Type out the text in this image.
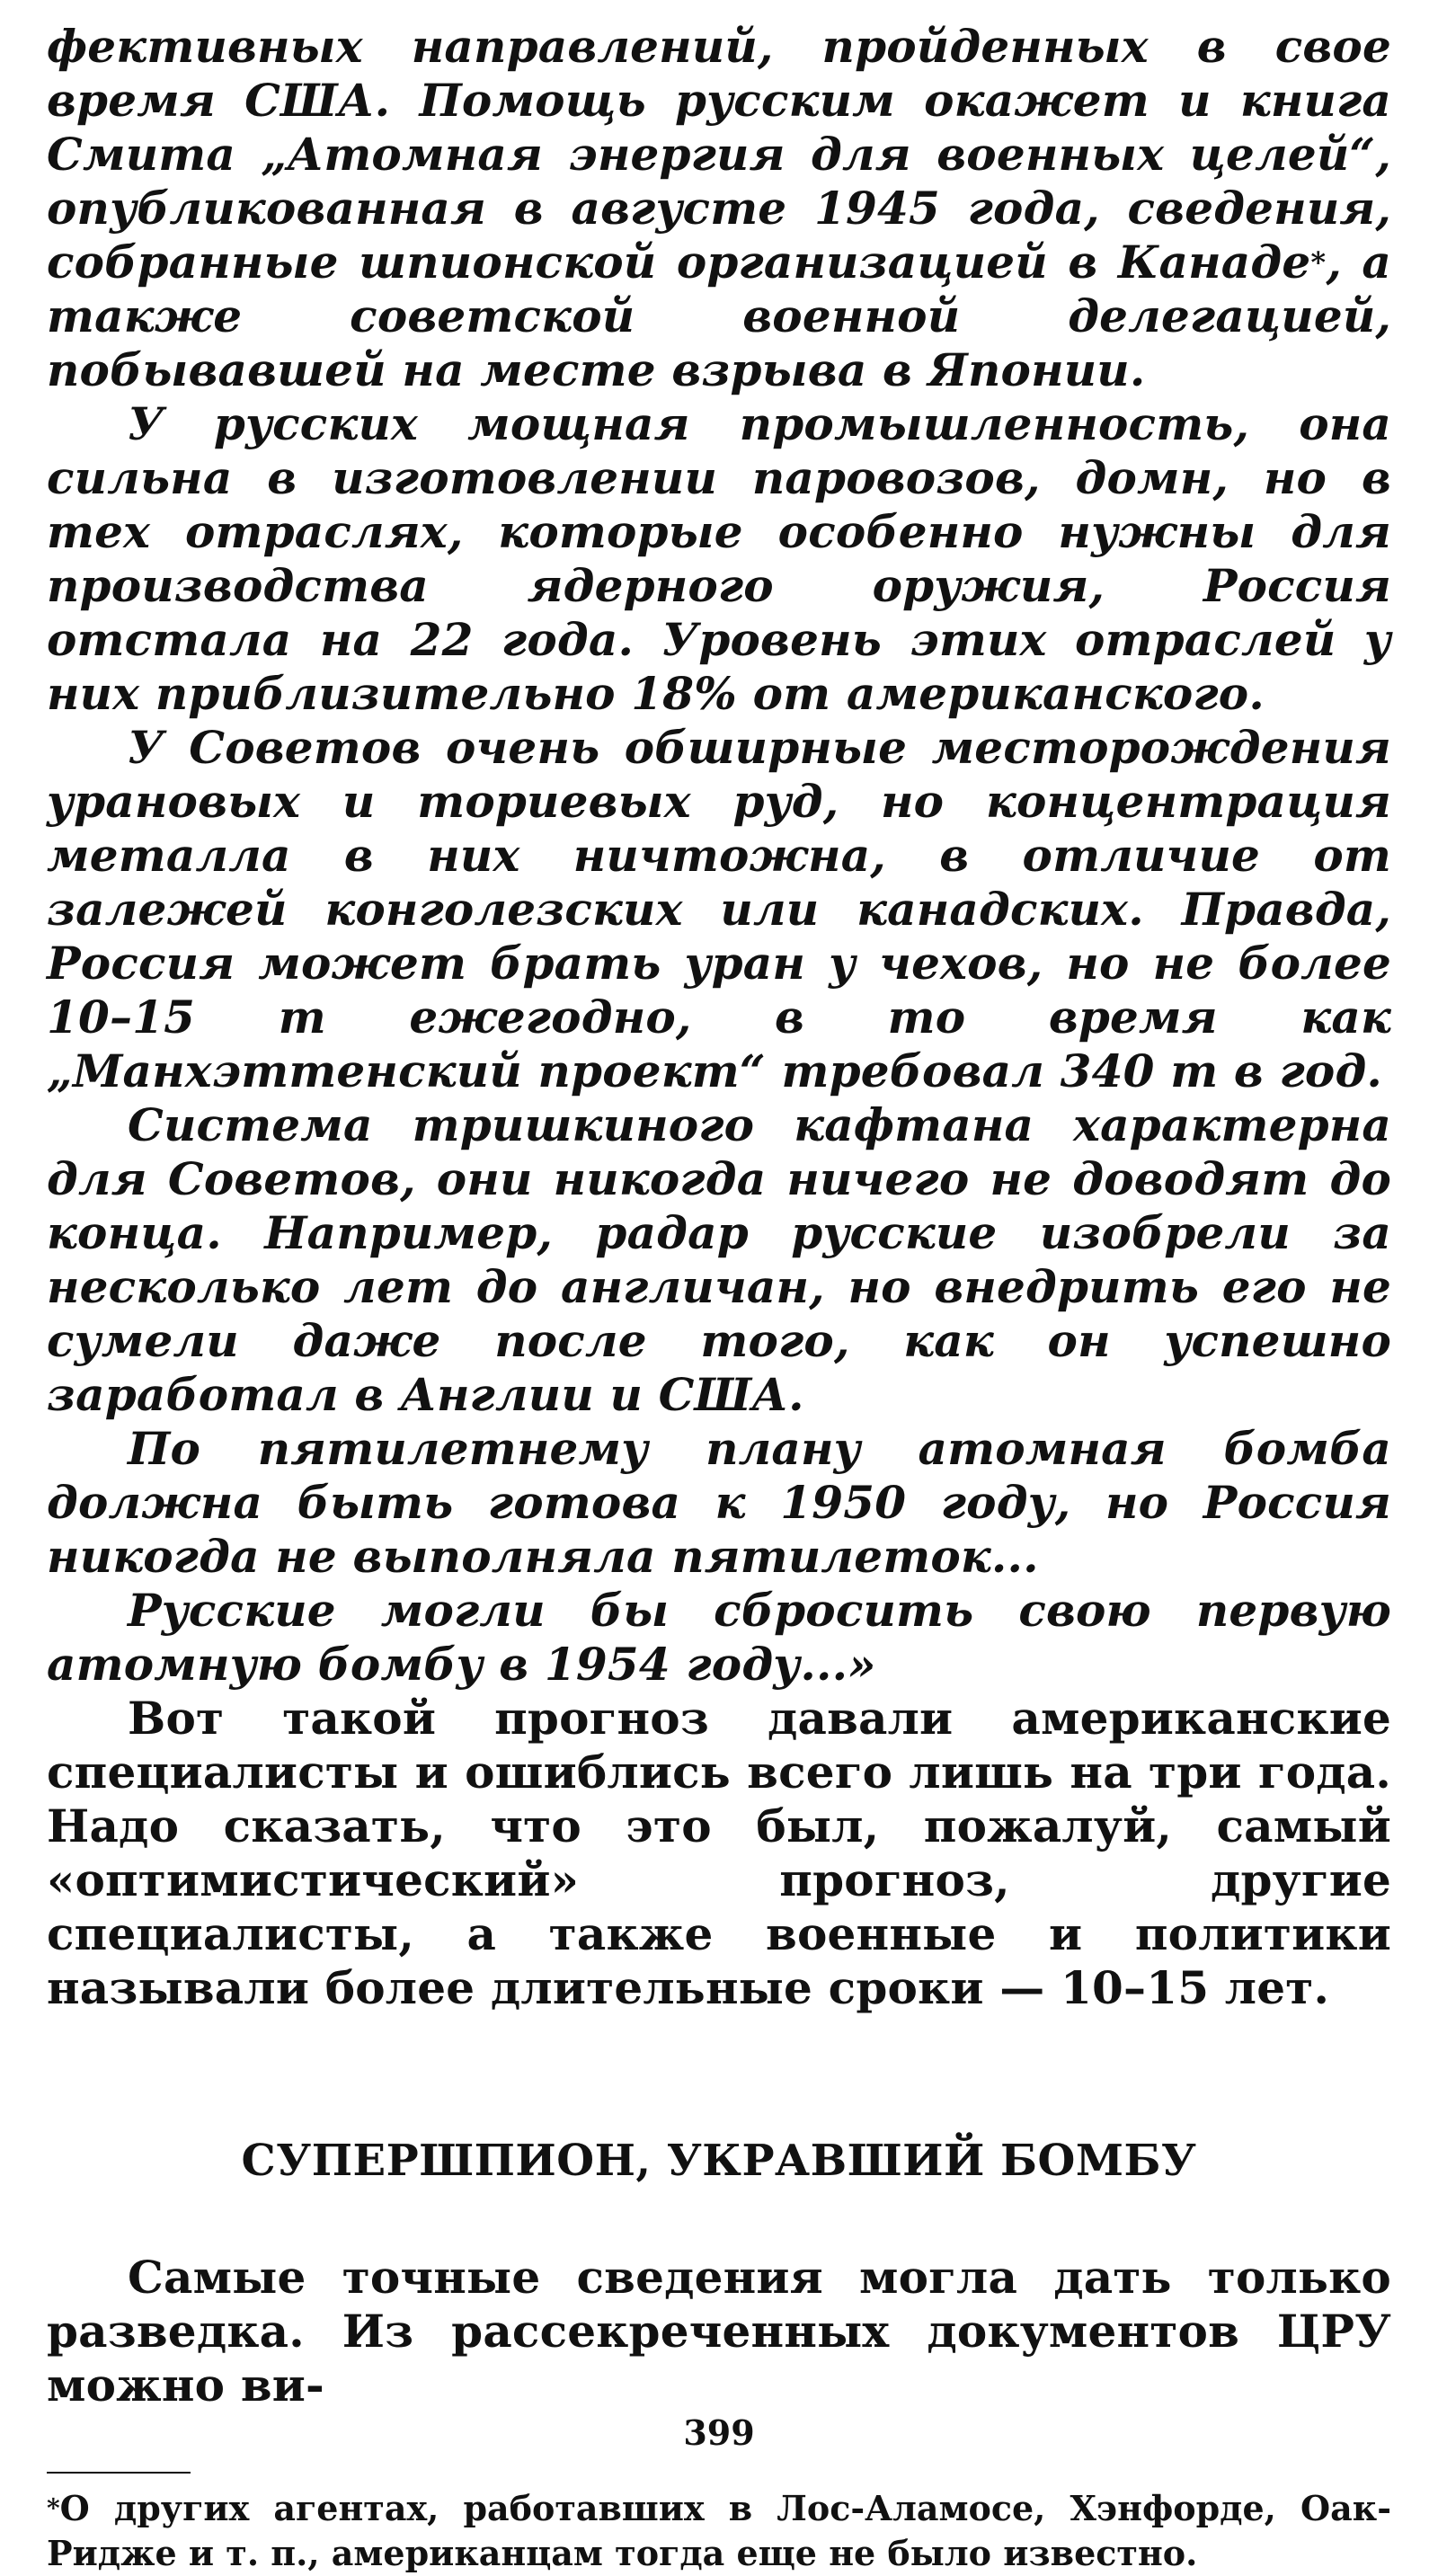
фективных направлений, пройденных в свое время США. Помощь русским окажет и книга Смита „Атомная энергия для военных целей“, опубликованная в августе 1945 года, сведения, собранные шпионской организацией в Канаде*, а также советской военной делегацией, побывавшей на месте взрыва в Японии.

У русских мощная промышленность, она сильна в изготовлении паровозов, домн, но в тех отраслях, которые особенно нужны для производства ядерного оружия, Россия отстала на 22 года. Уровень этих отраслей у них приблизительно 18% от американского.

У Советов очень обширные месторождения урановых и ториевых руд, но концентрация металла в них ничтожна, в отличие от залежей конголезских или канадских. Правда, Россия может брать уран у чехов, но не более 10–15 т ежегодно, в то время как „Манхэттенский проект“ требовал 340 т в год.

Система тришкиного кафтана характерна для Советов, они никогда ничего не доводят до конца. Например, радар русские изобрели за несколько лет до англичан, но внедрить его не сумели даже после того, как он успешно заработал в Англии и США.

По пятилетнему плану атомная бомба должна быть готова к 1950 году, но Россия никогда не выполняла пятилеток...

Русские могли бы сбросить свою первую атомную бомбу в 1954 году...»

Вот такой прогноз давали американские специалисты и ошиблись всего лишь на три года. Надо сказать, что это был, пожалуй, самый «оптимистический» прогноз, другие специалисты, а также военные и политики называли более длительные сроки — 10–15 лет.

СУПЕРШПИОН, УКРАВШИЙ БОМБУ

Самые точные сведения могла дать только разведка. Из рассекреченных документов ЦРУ можно ви-

*О других агентах, работавших в Лос-Аламосе, Хэнфорде, Оак-Ридже и т. п., американцам тогда еще не было известно.

399
